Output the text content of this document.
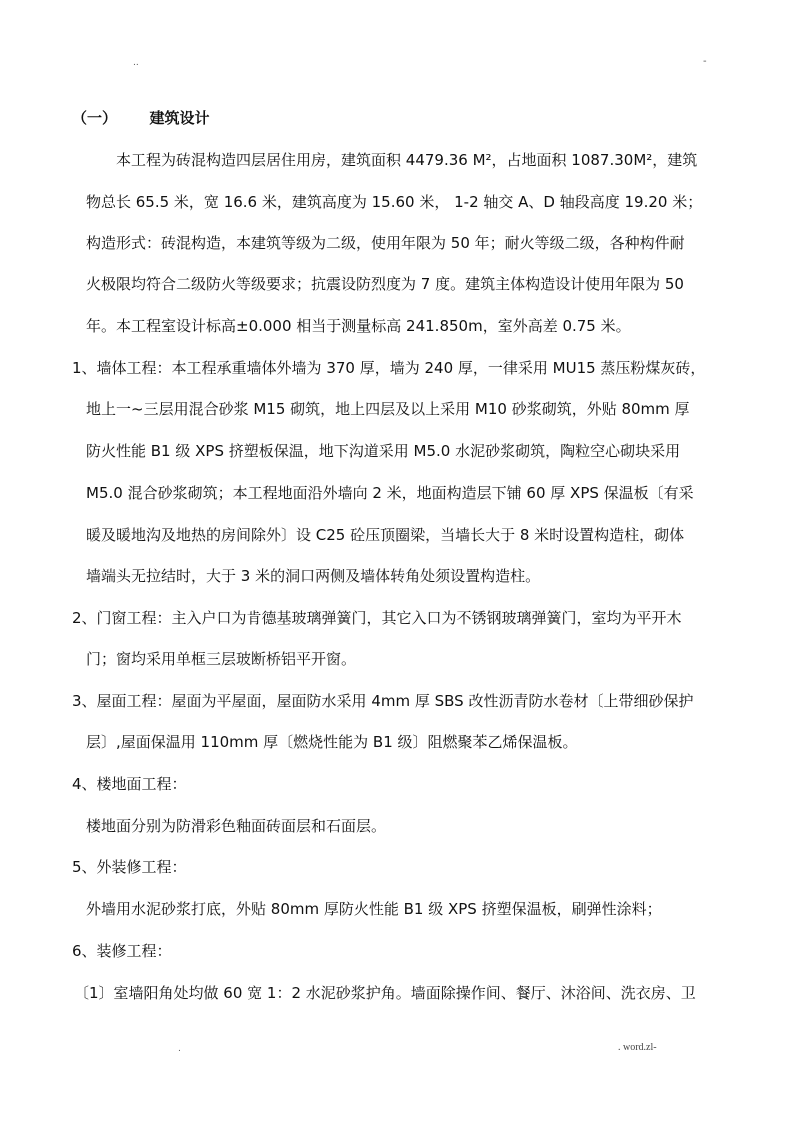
..	-
（一） 建筑设计
本工程为砖混构造四层居住用房，建筑面积 4479.36 M²，占地面积 1087.30M²，建筑
物总长 65.5 米，宽 16.6 米，建筑高度为 15.60 米， 1-2 轴交 A、D 轴段高度 19.20 米；
构造形式：砖混构造，本建筑等级为二级，使用年限为 50 年；耐火等级二级，各种构件耐
火极限均符合二级防火等级要求；抗震设防烈度为 7 度。建筑主体构造设计使用年限为 50
年。本工程室设计标高±0.000 相当于测量标高 241.850m，室外高差 0.75 米。
1、墙体工程：本工程承重墙体外墙为 370 厚，墙为 240 厚，一律采用 MU15 蒸压粉煤灰砖，
地上一~三层用混合砂浆 M15 砌筑，地上四层及以上采用 M10 砂浆砌筑，外贴 80mm 厚
防火性能 B1 级 XPS 挤塑板保温，地下沟道采用 M5.0 水泥砂浆砌筑，陶粒空心砌块采用
M5.0 混合砂浆砌筑；本工程地面沿外墙向 2 米，地面构造层下铺 60 厚 XPS 保温板〔有采
暖及暖地沟及地热的房间除外〕设 C25 砼压顶圈梁，当墙长大于 8 米时设置构造柱，砌体
墙端头无拉结时，大于 3 米的洞口两侧及墙体转角处须设置构造柱。
2、门窗工程：主入户口为肯德基玻璃弹簧门，其它入口为不锈钢玻璃弹簧门，室均为平开木
门；窗均采用单框三层玻断桥铝平开窗。
3、屋面工程：屋面为平屋面，屋面防水采用 4mm 厚 SBS 改性沥青防水卷材〔上带细砂保护
层〕,屋面保温用 110mm 厚〔燃烧性能为 B1 级〕阻燃聚苯乙烯保温板。
4、楼地面工程：
楼地面分别为防滑彩色釉面砖面层和石面层。
5、外装修工程：
外墙用水泥砂浆打底，外贴 80mm 厚防火性能 B1 级 XPS 挤塑保温板，刷弹性涂料；
6、装修工程：
〔1〕室墙阳角处均做 60 宽 1：2 水泥砂浆护角。墙面除操作间、餐厅、沐浴间、洗衣房、卫
.	. word.zl-
